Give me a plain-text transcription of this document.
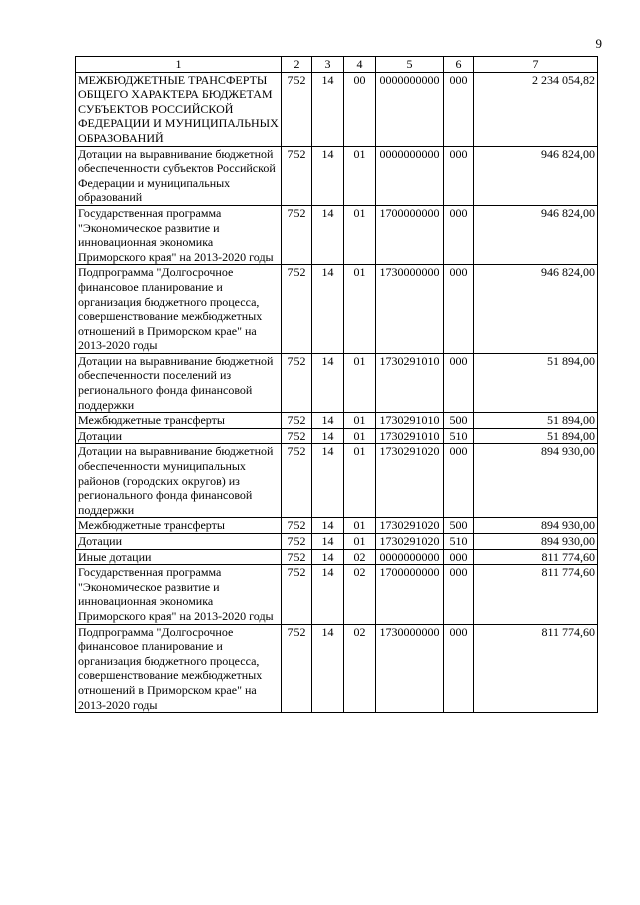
9
1	2	3	4	5	6	7
МЕЖБЮДЖЕТНЫЕ ТРАНСФЕРТЫ ОБЩЕГО ХАРАКТЕРА БЮДЖЕТАМ СУБЪЕКТОВ РОССИЙСКОЙ ФЕДЕРАЦИИ И МУНИЦИПАЛЬНЫХ ОБРАЗОВАНИЙ	752	14	00	0000000000	000	2 234 054,82
Дотации на выравнивание бюджетной обеспеченности субъектов Российской Федерации и муниципальных образований	752	14	01	0000000000	000	946 824,00
Государственная программа "Экономическое развитие и инновационная экономика Приморского края" на 2013-2020 годы	752	14	01	1700000000	000	946 824,00
Подпрограмма "Долгосрочное финансовое планирование и организация бюджетного процесса, совершенствование межбюджетных отношений в Приморском крае" на 2013-2020 годы	752	14	01	1730000000	000	946 824,00
Дотации на выравнивание бюджетной обеспеченности поселений из регионального фонда финансовой поддержки	752	14	01	1730291010	000	51 894,00
Межбюджетные трансферты	752	14	01	1730291010	500	51 894,00
Дотации	752	14	01	1730291010	510	51 894,00
Дотации на выравнивание бюджетной обеспеченности муниципальных районов (городских округов) из регионального фонда финансовой поддержки	752	14	01	1730291020	000	894 930,00
Межбюджетные трансферты	752	14	01	1730291020	500	894 930,00
Дотации	752	14	01	1730291020	510	894 930,00
Иные дотации	752	14	02	0000000000	000	811 774,60
Государственная программа "Экономическое развитие и инновационная экономика Приморского края" на 2013-2020 годы	752	14	02	1700000000	000	811 774,60
Подпрограмма "Долгосрочное финансовое планирование и организация бюджетного процесса, совершенствование межбюджетных отношений в Приморском крае" на 2013-2020 годы	752	14	02	1730000000	000	811 774,60
